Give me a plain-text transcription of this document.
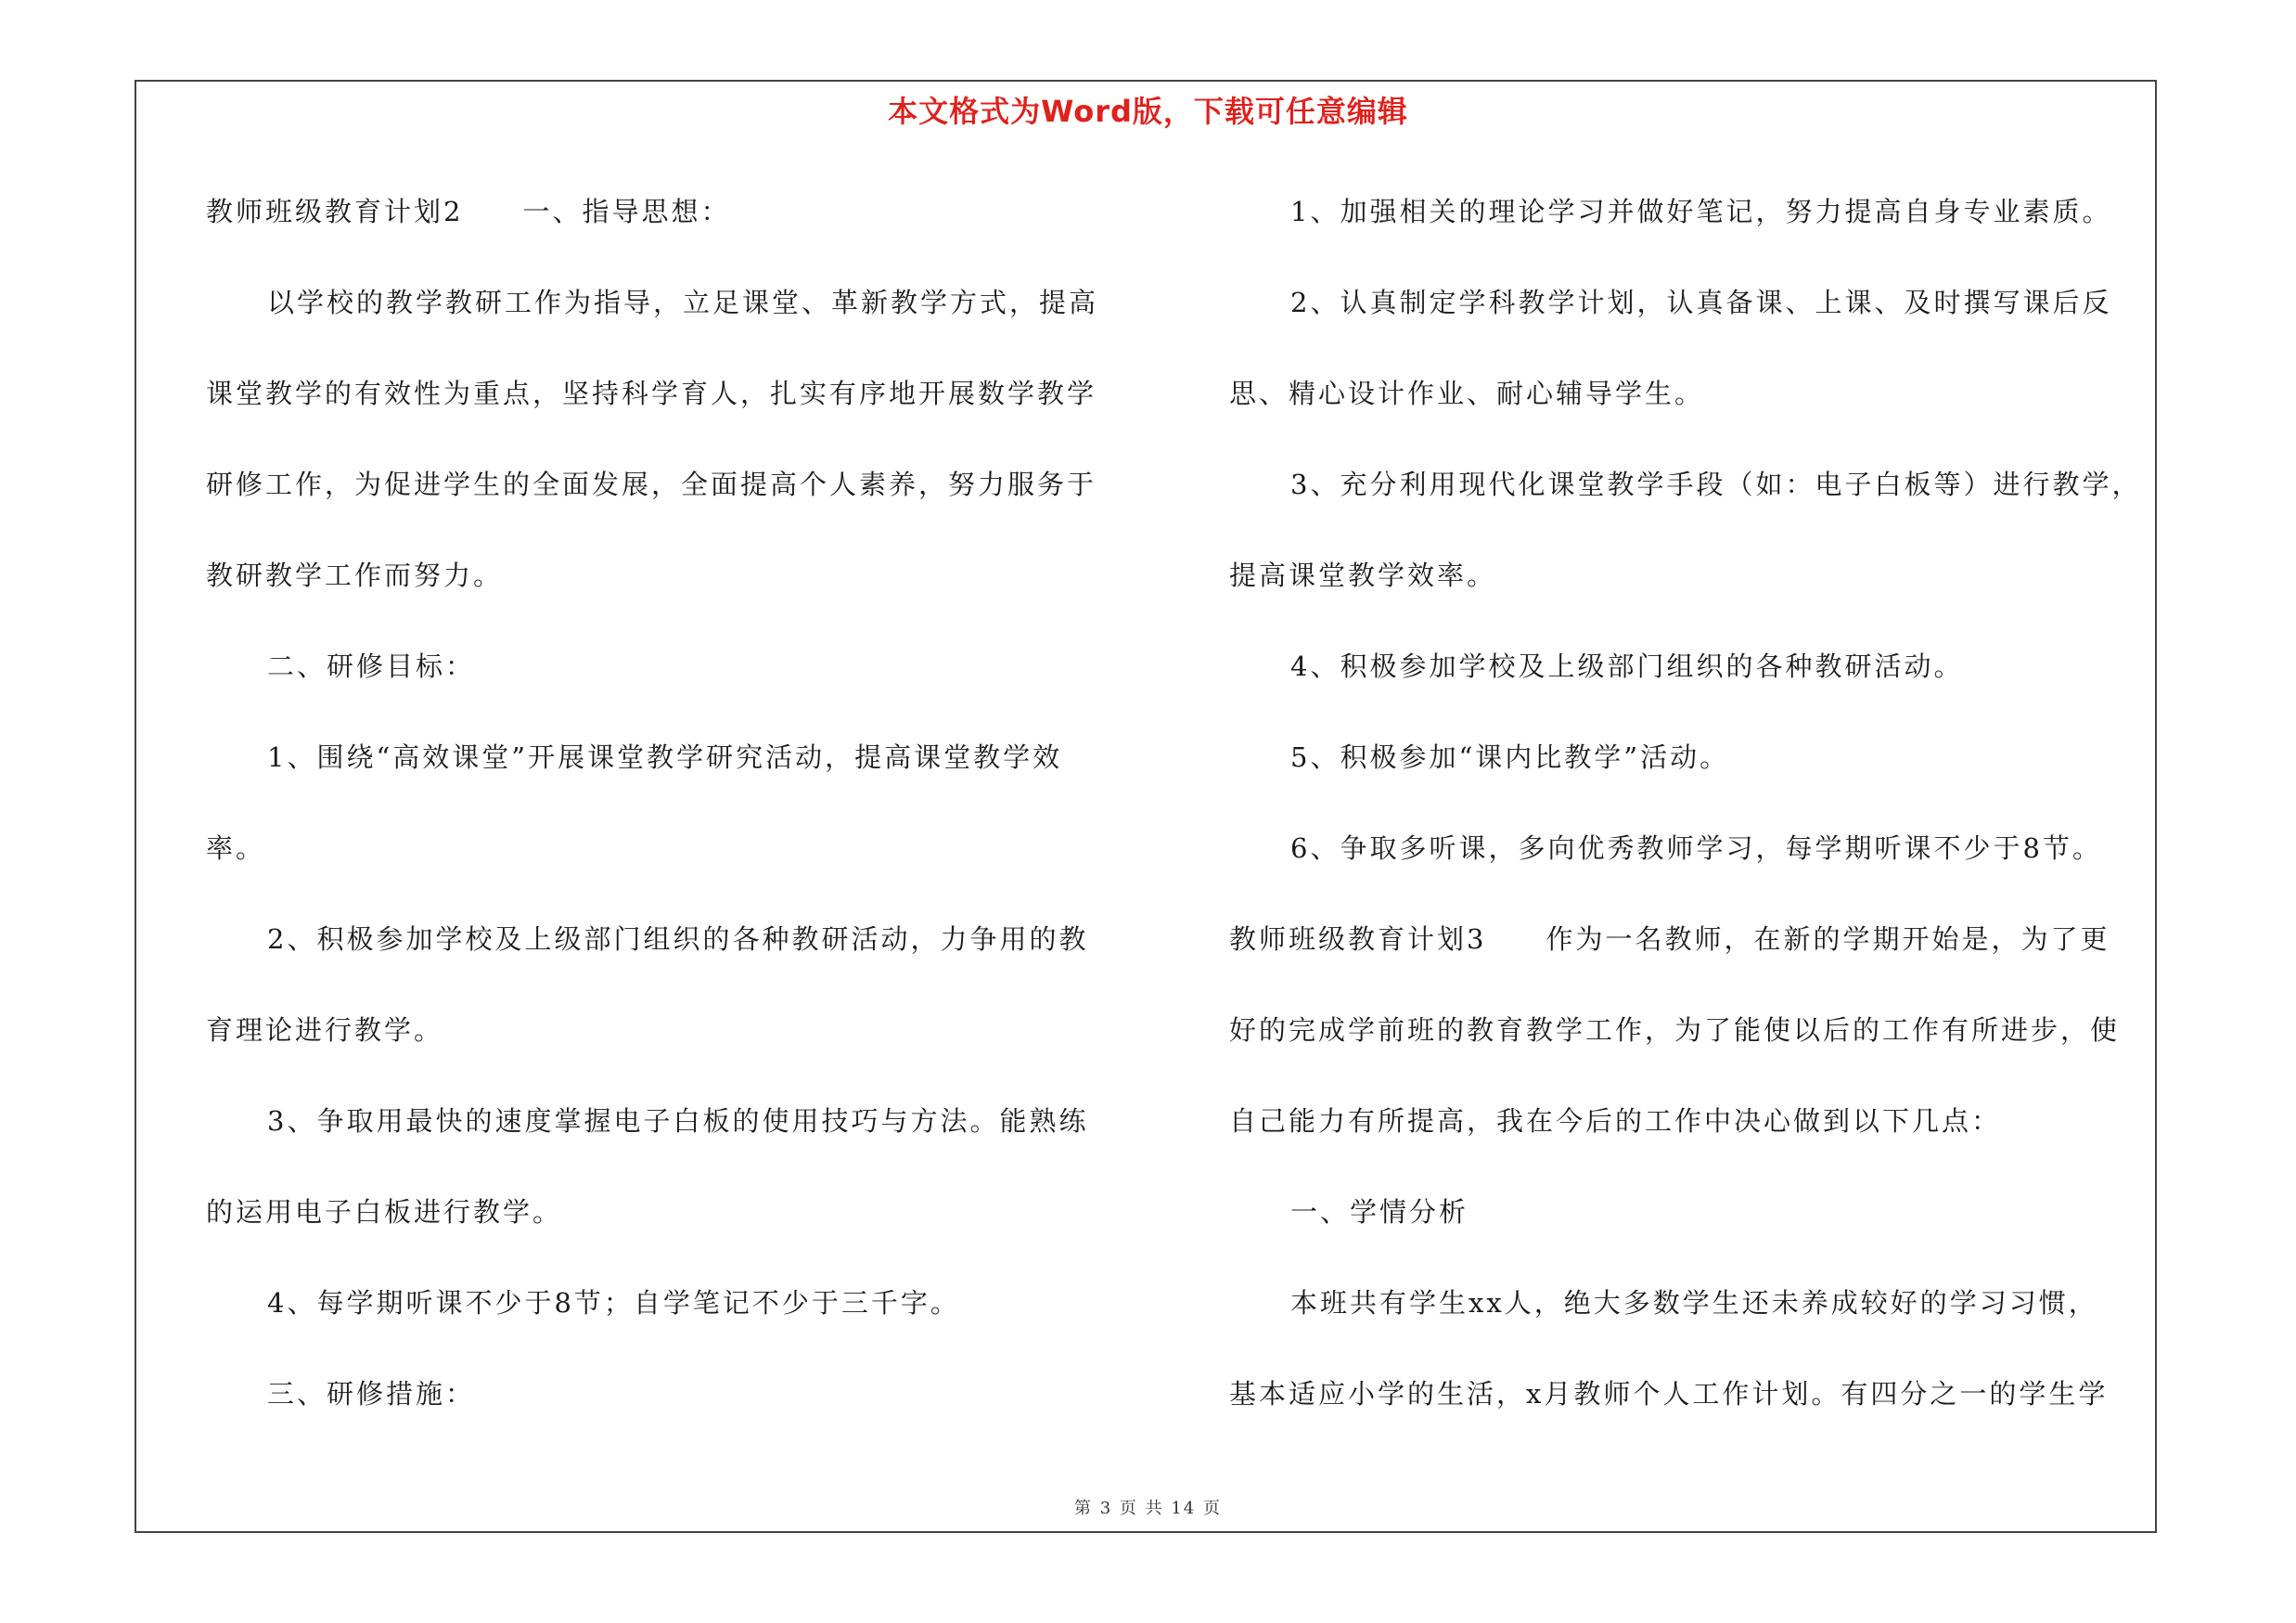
本文格式为Word版，下载可任意编辑
教师班级教育计划2　　一、指导思想：
以学校的教学教研工作为指导，立足课堂、革新教学方式，提高
课堂教学的有效性为重点，坚持科学育人，扎实有序地开展数学教学
研修工作，为促进学生的全面发展，全面提高个人素养，努力服务于
教研教学工作而努力。
二、研修目标：
1、围绕“高效课堂”开展课堂教学研究活动，提高课堂教学效
率。
2、积极参加学校及上级部门组织的各种教研活动，力争用的教
育理论进行教学。
3、争取用最快的速度掌握电子白板的使用技巧与方法。能熟练
的运用电子白板进行教学。
4、每学期听课不少于8节；自学笔记不少于三千字。
三、研修措施：
1、加强相关的理论学习并做好笔记，努力提高自身专业素质。
2、认真制定学科教学计划，认真备课、上课、及时撰写课后反
思、精心设计作业、耐心辅导学生。
3、充分利用现代化课堂教学手段（如：电子白板等）进行教学，
提高课堂教学效率。
4、积极参加学校及上级部门组织的各种教研活动。
5、积极参加“课内比教学”活动。
6、争取多听课，多向优秀教师学习，每学期听课不少于8节。
教师班级教育计划3　　作为一名教师，在新的学期开始是，为了更
好的完成学前班的教育教学工作，为了能使以后的工作有所进步，使
自己能力有所提高，我在今后的工作中决心做到以下几点：
一、学情分析
本班共有学生xx人，绝大多数学生还未养成较好的学习习惯，
基本适应小学的生活，x月教师个人工作计划。有四分之一的学生学
第 3 页 共 14 页
